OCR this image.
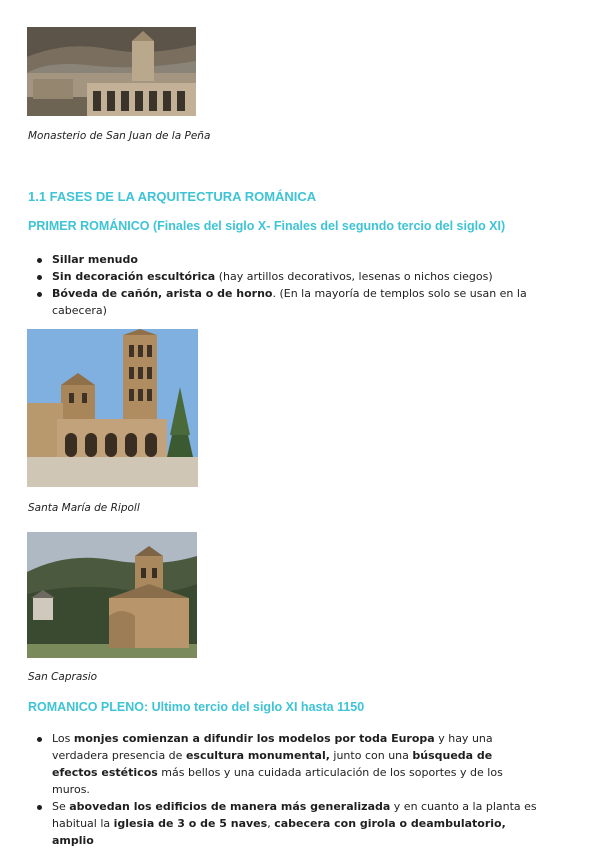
Monasterio de San Juan de la Peña
1.1 FASES DE LA ARQUITECTURA ROMÁNICA
PRIMER ROMÁNICO (Finales del siglo X- Finales del segundo tercio del siglo XI)
Sillar menudo
Sin decoración escultórica (hay artillos decorativos, lesenas o nichos ciegos)
Bóveda de cañón, arista o de horno. (En la mayoría de templos solo se usan en la cabecera)
Santa María de Ripoll
San Caprasio
ROMANICO PLENO: Ultimo tercio del siglo XI hasta 1150
Los monjes comienzan a difundir los modelos por toda Europa y hay una verdadera presencia de escultura monumental, junto con una búsqueda de efectos estéticos más bellos y una cuidada articulación de los soportes y de los muros.
Se abovedan los edificios de manera más generalizada y en cuanto a la planta es habitual la iglesia de 3 o de 5 naves, cabecera con girola o deambulatorio, amplio
